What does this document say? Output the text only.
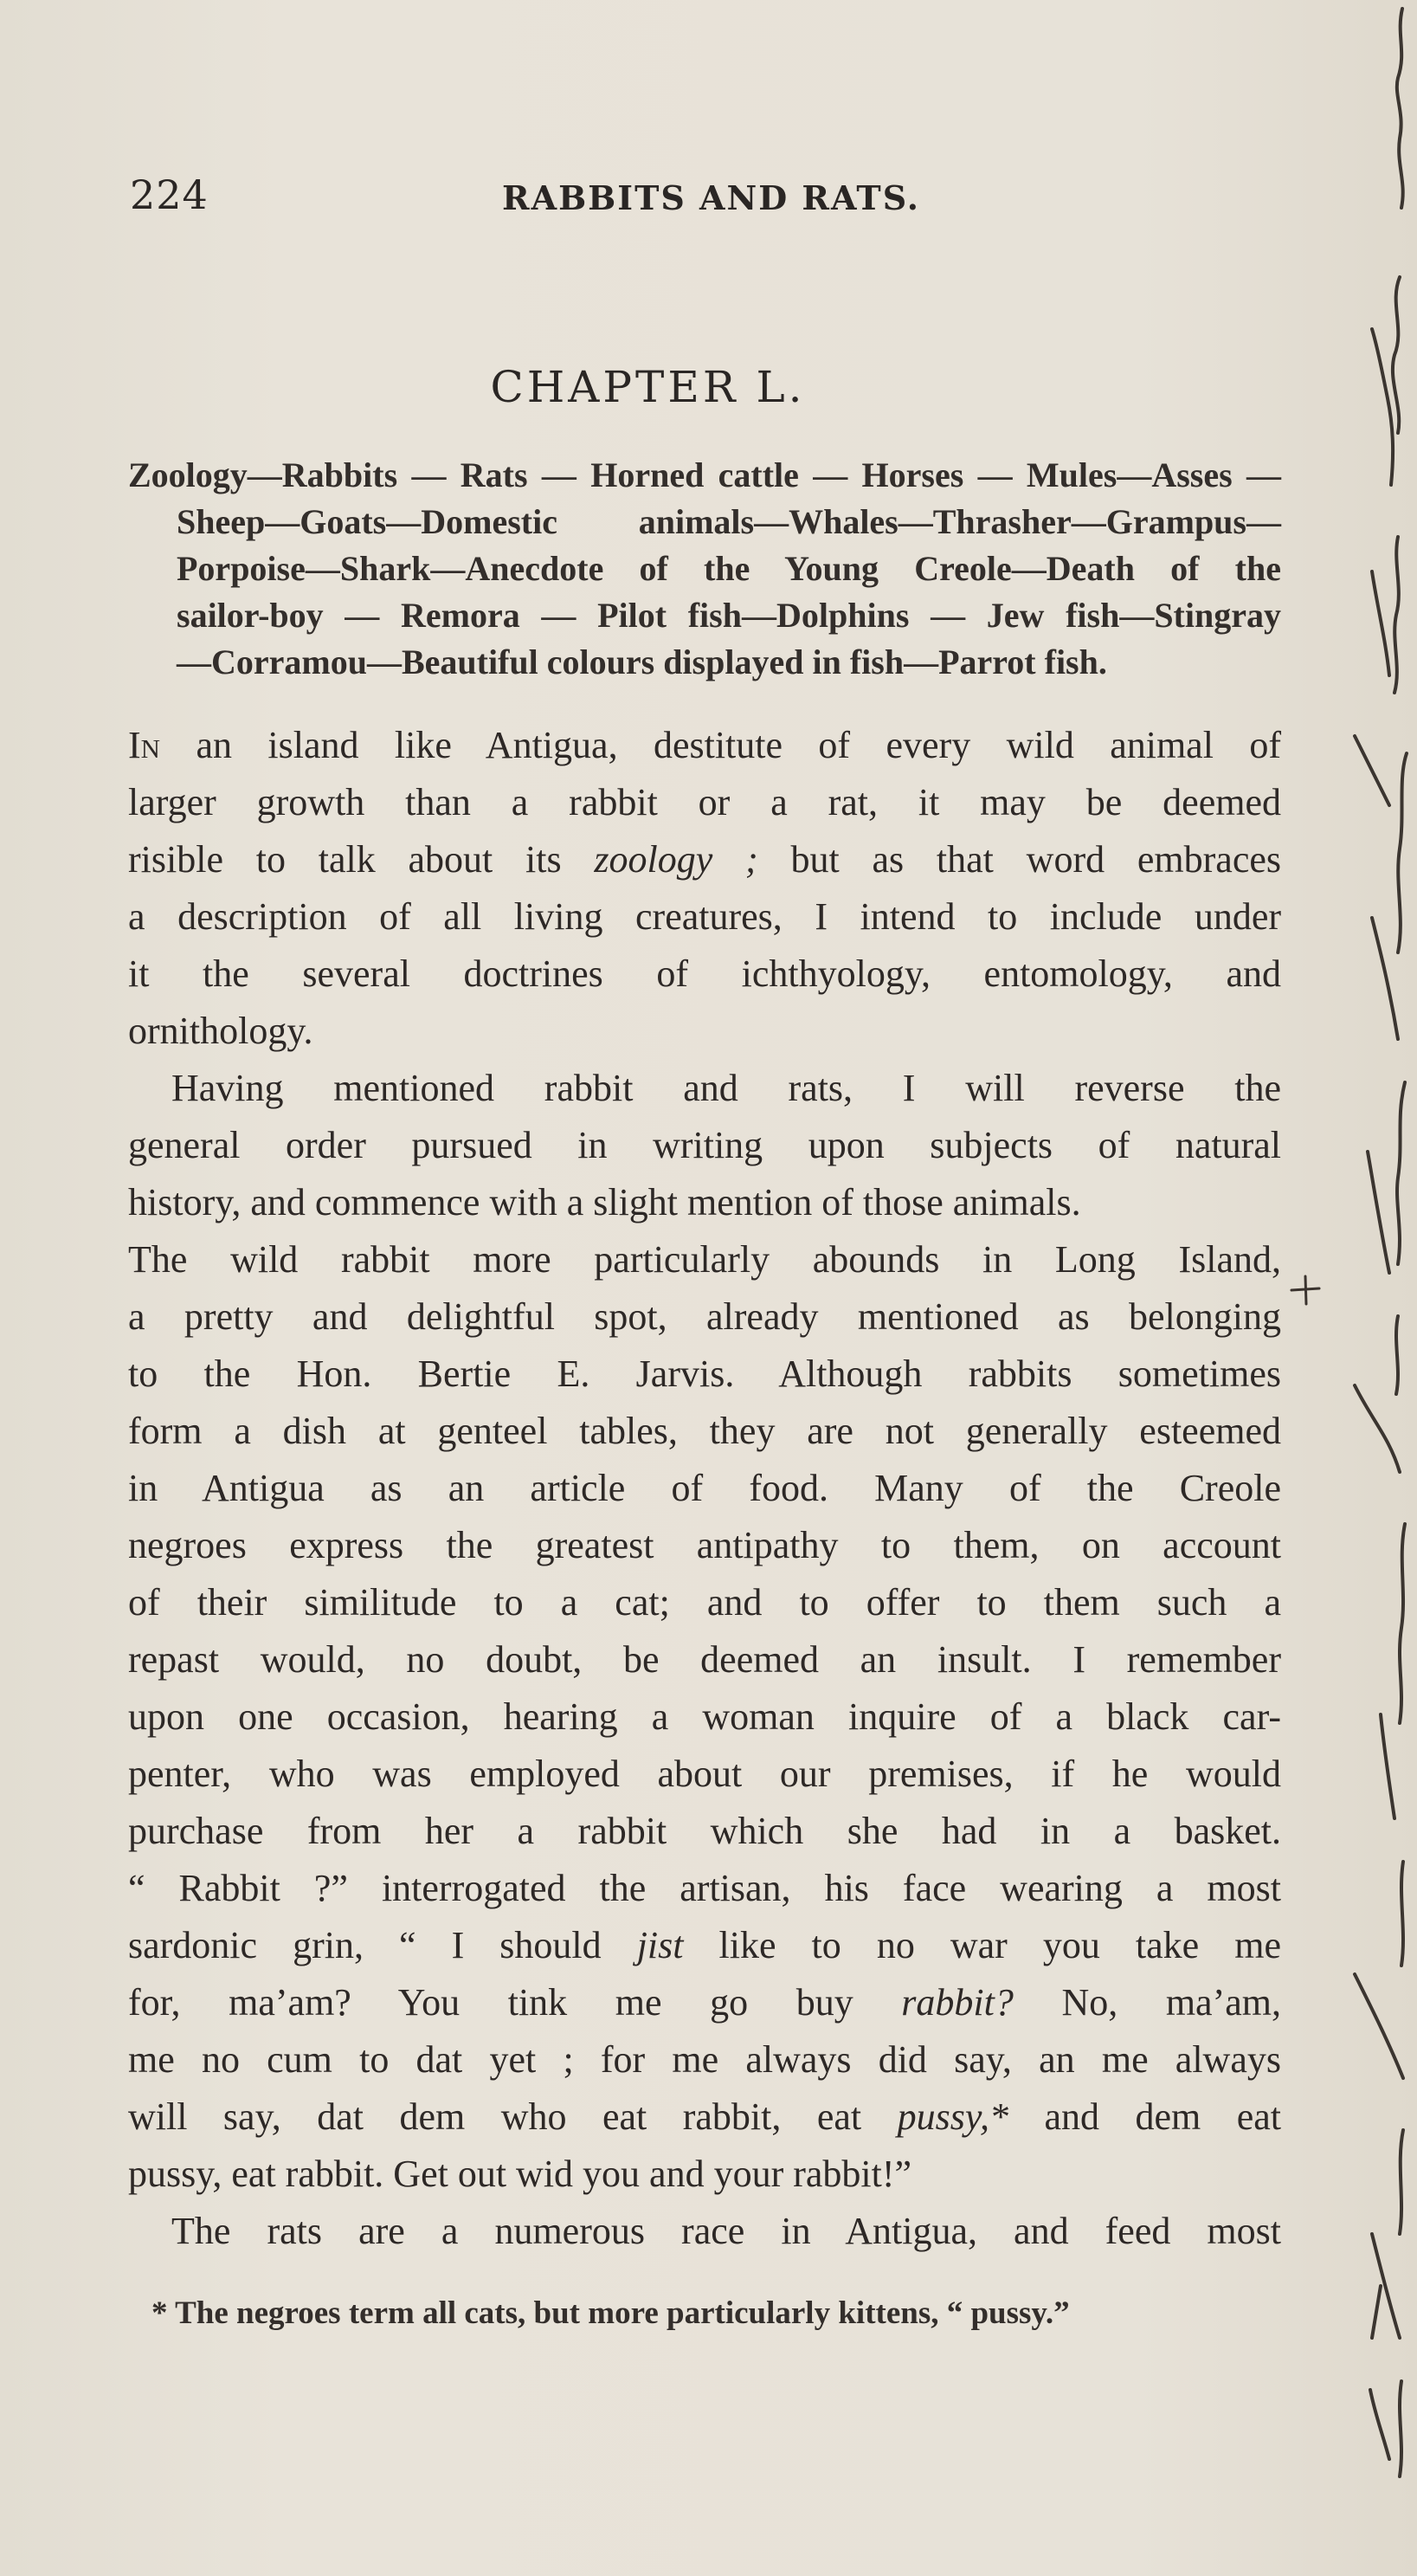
224	RABBITS AND RATS.
CHAPTER L.
Zoology—Rabbits — Rats — Horned cattle — Horses — Mules—Asses —
Sheep—Goats—Domestic animals—Whales—Thrasher—Grampus—
Porpoise—Shark—Anecdote of the Young Creole—Death of the
sailor-boy — Remora — Pilot fish—Dolphins — Jew fish—Stingray
—Corramou—Beautiful colours displayed in fish—Parrot fish.
In an island like Antigua, destitute of every wild animal of
larger growth than a rabbit or a rat, it may be deemed
risible to talk about its zoology ; but as that word embraces
a description of all living creatures, I intend to include under
it the several doctrines of ichthyology, entomology, and
ornithology.
Having mentioned rabbit and rats, I will reverse the
general order pursued in writing upon subjects of natural
history, and commence with a slight mention of those animals.
The wild rabbit more particularly abounds in Long Island,
a pretty and delightful spot, already mentioned as belonging
to the Hon. Bertie E. Jarvis. Although rabbits sometimes
form a dish at genteel tables, they are not generally esteemed
in Antigua as an article of food. Many of the Creole
negroes express the greatest antipathy to them, on account
of their similitude to a cat; and to offer to them such a
repast would, no doubt, be deemed an insult. I remember
upon one occasion, hearing a woman inquire of a black car-
penter, who was employed about our premises, if he would
purchase from her a rabbit which she had in a basket.
“ Rabbit ?” interrogated the artisan, his face wearing a most
sardonic grin, “ I should jist like to no war you take me
for, ma’am? You tink me go buy rabbit? No, ma’am,
me no cum to dat yet ; for me always did say, an me always
will say, dat dem who eat rabbit, eat pussy,* and dem eat
pussy, eat rabbit. Get out wid you and your rabbit!”
The rats are a numerous race in Antigua, and feed most
* The negroes term all cats, but more particularly kittens, “ pussy.”
